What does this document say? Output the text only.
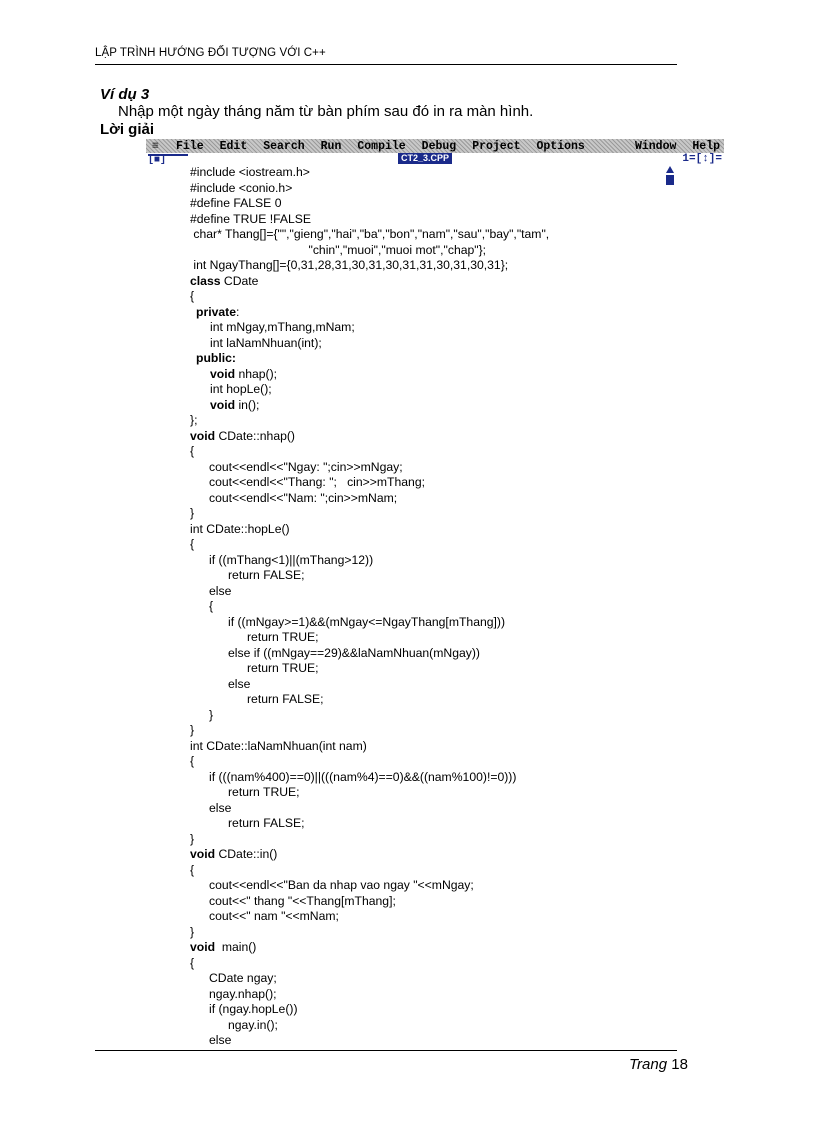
LẬP TRÌNH HƯỚNG ĐỐI TƯỢNG VỚI C++
Ví dụ 3
Nhập một ngày tháng năm từ bàn phím sau đó in ra màn hình.
Lời giải
≡	File Edit Search Run Compile Debug Project Options	Window Help
[■]	CT2_3.CPP	1=[↕]=
#include <iostream.h>
#include <conio.h>
#define FALSE 0
#define TRUE !FALSE
char* Thang[]={"","gieng","hai","ba","bon","nam","sau","bay","tam",
"chin","muoi","muoi mot","chap"};
int NgayThang[]={0,31,28,31,30,31,30,31,31,30,31,30,31};
class CDate
{
private:
int mNgay,mThang,mNam;
int laNamNhuan(int);
public:
void nhap();
int hopLe();
void in();
};
void CDate::nhap()
{
cout<<endl<<"Ngay: ";cin>>mNgay;
cout<<endl<<"Thang: ";   cin>>mThang;
cout<<endl<<"Nam: ";cin>>mNam;
}
int CDate::hopLe()
{
if ((mThang<1)||(mThang>12))
return FALSE;
else
{
if ((mNgay>=1)&&(mNgay<=NgayThang[mThang]))
return TRUE;
else if ((mNgay==29)&&laNamNhuan(mNgay))
return TRUE;
else
return FALSE;
}
}
int CDate::laNamNhuan(int nam)
{
if (((nam%400)==0)||(((nam%4)==0)&&((nam%100)!=0)))
return TRUE;
else
return FALSE;
}
void CDate::in()
{
cout<<endl<<"Ban da nhap vao ngay "<<mNgay;
cout<<" thang "<<Thang[mThang];
cout<<" nam "<<mNam;
}
void  main()
{
CDate ngay;
ngay.nhap();
if (ngay.hopLe())
ngay.in();
else
Trang 18
